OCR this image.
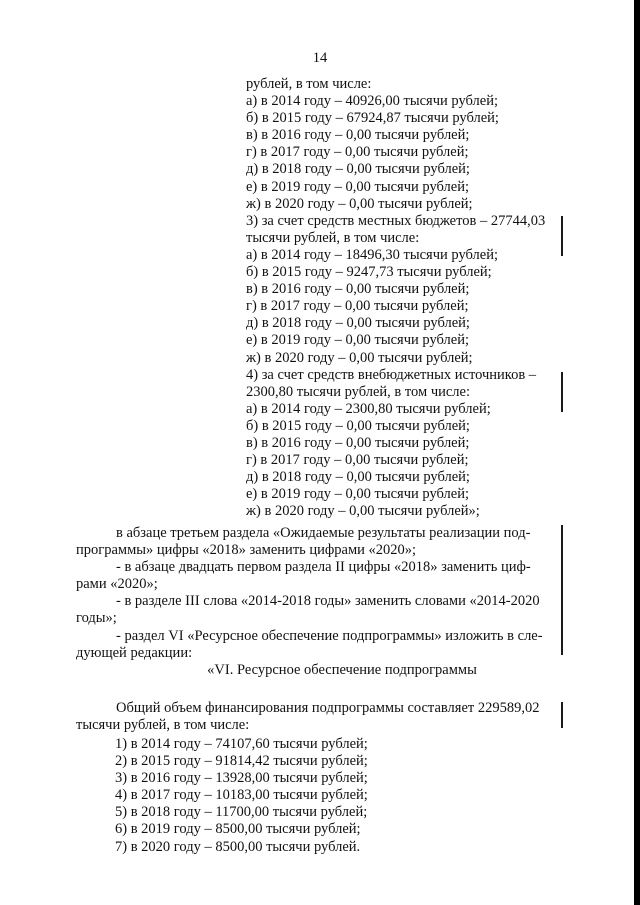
14
рублей, в том числе:
а) в 2014 году – 40926,00 тысячи рублей;
б) в 2015 году – 67924,87 тысячи рублей;
в) в 2016 году – 0,00 тысячи рублей;
г) в 2017 году – 0,00 тысячи рублей;
д) в 2018 году – 0,00 тысячи рублей;
е) в 2019 году – 0,00 тысячи рублей;
ж) в 2020 году – 0,00 тысячи рублей;
3) за счет средств местных бюджетов – 27744,03
тысячи рублей, в том числе:
а) в 2014 году – 18496,30 тысячи рублей;
б) в 2015 году – 9247,73 тысячи рублей;
в) в 2016 году – 0,00 тысячи рублей;
г) в 2017 году – 0,00 тысячи рублей;
д) в 2018 году – 0,00 тысячи рублей;
е) в 2019 году – 0,00 тысячи рублей;
ж) в 2020 году – 0,00 тысячи рублей;
4) за счет средств внебюджетных источников –
2300,80 тысячи рублей, в том числе:
а) в 2014 году – 2300,80 тысячи рублей;
б) в 2015 году – 0,00 тысячи рублей;
в) в 2016 году – 0,00 тысячи рублей;
г) в 2017 году – 0,00 тысячи рублей;
д) в 2018 году – 0,00 тысячи рублей;
е) в 2019 году – 0,00 тысячи рублей;
ж) в 2020 году – 0,00 тысячи рублей»;
в абзаце третьем раздела «Ожидаемые результаты реализации под-
программы» цифры «2018» заменить цифрами «2020»;
- в абзаце двадцать первом раздела II цифры «2018» заменить циф-
рами «2020»;
- в разделе III слова «2014-2018 годы» заменить словами «2014-2020
годы»;
- раздел VI «Ресурсное обеспечение подпрограммы» изложить в сле-
дующей редакции:
«VI. Ресурсное обеспечение подпрограммы
Общий объем финансирования подпрограммы составляет 229589,02
тысячи рублей, в том числе:
1) в 2014 году – 74107,60 тысячи рублей;
2) в 2015 году – 91814,42 тысячи рублей;
3) в 2016 году – 13928,00 тысячи рублей;
4) в 2017 году – 10183,00 тысячи рублей;
5) в 2018 году – 11700,00 тысячи рублей;
6) в 2019 году – 8500,00 тысячи рублей;
7) в 2020 году – 8500,00 тысячи рублей.
